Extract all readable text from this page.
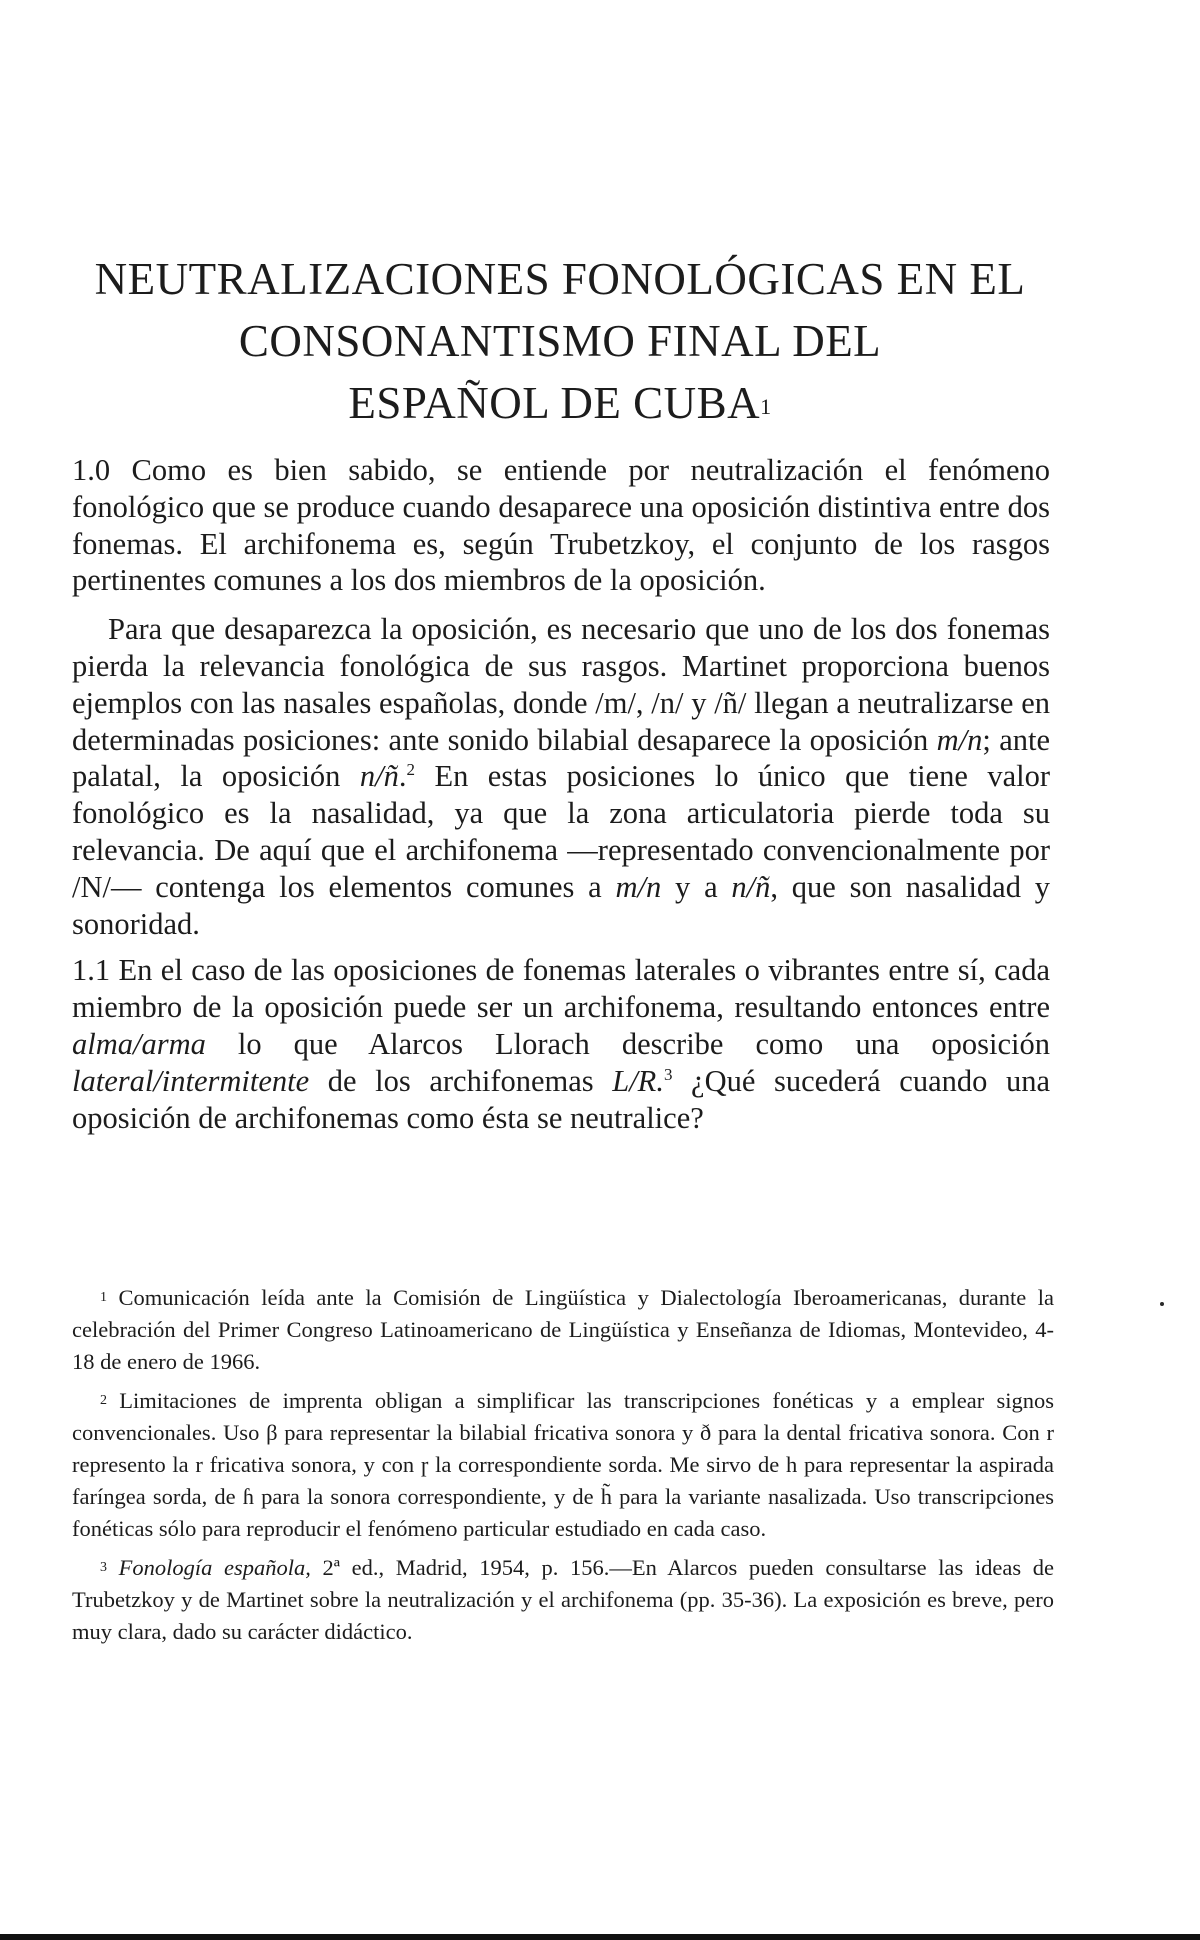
NEUTRALIZACIONES FONOLÓGICAS EN EL
CONSONANTISMO FINAL DEL
ESPAÑOL DE CUBA$^1$

1.0 Como es bien sabido, se entiende por neutralización el fenómeno fonológico que se produce cuando desaparece una oposición distintiva entre dos fonemas. El archifonema es, según Trubetzkoy, el conjunto de los rasgos pertinentes comunes a los dos miembros de la oposición.

Para que desaparezca la oposición, es necesario que uno de los dos fonemas pierda la relevancia fonológica de sus rasgos. Martinet proporciona buenos ejemplos con las nasales españolas, donde /m/, /n/ y /ñ/ llegan a neutralizarse en determinadas posiciones: ante sonido bilabial desaparece la oposición m/n; ante palatal, la oposición n/ñ.$^2$ En estas posiciones lo único que tiene valor fonológico es la nasalidad, ya que la zona articulatoria pierde toda su relevancia. De aquí que el archifonema —representado convencionalmente por /N/— contenga los elementos comunes a m/n y a n/ñ, que son nasalidad y sonoridad.

1.1 En el caso de las oposiciones de fonemas laterales o vibrantes entre sí, cada miembro de la oposición puede ser un archifonema, resultando entonces entre alma/arma lo que Alarcos Llorach describe como una oposición lateral/intermitente de los archifonemas L/R.$^3$ ¿Qué sucederá cuando una oposición de archifonemas como ésta se neutralice?

$^1$ Comunicación leída ante la Comisión de Lingüística y Dialectología Iberoamericanas, durante la celebración del Primer Congreso Latinoamericano de Lingüística y Enseñanza de Idiomas, Montevideo, 4-18 de enero de 1966.

$^2$ Limitaciones de imprenta obligan a simplificar las transcripciones fonéticas y a emplear signos convencionales. Uso β para representar la bilabial fricativa sonora y ð para la dental fricativa sonora. Con r represento la r fricativa sonora, y con ɼ la correspondiente sorda. Me sirvo de h para representar la aspirada faríngea sorda, de ɦ para la sonora correspondiente, y de h̃ para la variante nasalizada. Uso transcripciones fonéticas sólo para reproducir el fenómeno particular estudiado en cada caso.

$^3$ Fonología española, 2ª ed., Madrid, 1954, p. 156.—En Alarcos pueden consultarse las ideas de Trubetzkoy y de Martinet sobre la neutralización y el archifonema (pp. 35-36). La exposición es breve, pero muy clara, dado su carácter didáctico.
